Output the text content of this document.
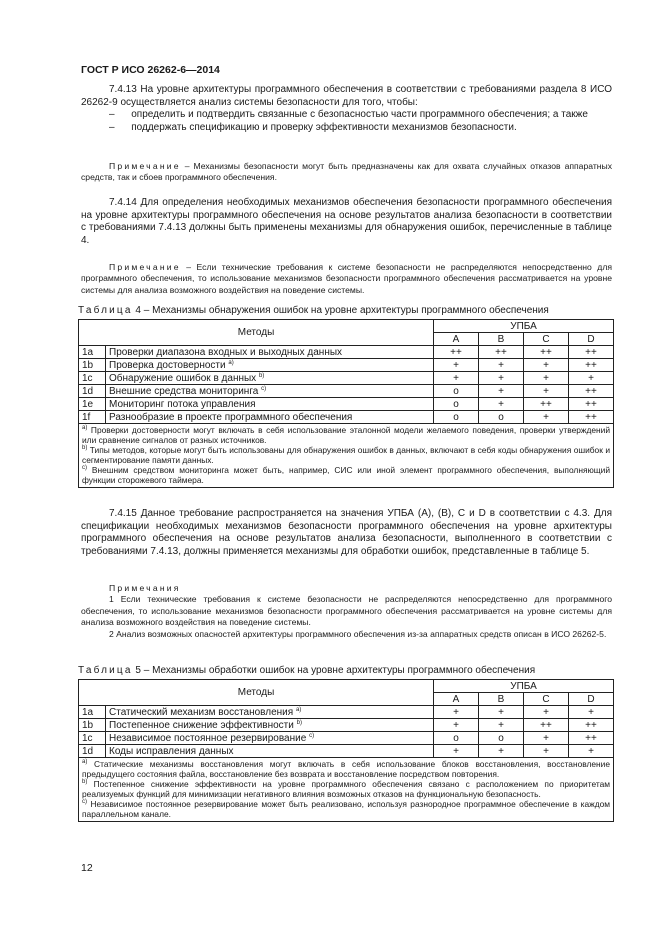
ГОСТ Р ИСО 26262-6—2014

7.4.13 На уровне архитектуры программного обеспечения в соответствии с требованиями раздела 8 ИСО 26262-9 осуществляется анализ системы безопасности для того, чтобы:

–      определить и подтвердить связанные с безопасностью части программного обеспечения; а также

–      поддержать спецификацию и проверку эффективности механизмов безопасности.

Примечание – Механизмы безопасности могут быть предназначены как для охвата случайных отказов аппаратных средств, так и сбоев программного обеспечения.

7.4.14 Для определения необходимых механизмов обеспечения безопасности программного обеспечения на уровне архитектуры программного обеспечения на основе результатов анализа безопасности в соответствии с требованиями 7.4.13 должны быть применены механизмы для обнаружения ошибок, перечисленные в таблице 4.

Примечание – Если технические требования к системе безопасности не распределяются непосредственно для программного обеспечения, то использование механизмов безопасности программного обеспечения рассматривается на уровне системы для анализа возможного воздействия на поведение системы.

Таблица 4 – Механизмы обнаружения ошибок на уровне архитектуры программного обеспечения
Методы		УПБА			
		A	B	C	D
1a	Проверки диапазона входных и выходных данных	++	++	++	++
1b	Проверка достоверности $^{а)}$	+	+	+	++
1c	Обнаружение ошибок в данных $^{b)}$	+	+	+	+
1d	Внешние средства мониторинга $^{c)}$	o	+	+	++
1e	Мониторинг потока управления	o	+	++	++
1f	Разнообразие в проекте программного обеспечения	o	o	+	++

$^{а)}$ Проверки достоверности могут включать в себя использование эталонной модели желаемого поведения, проверки утверждений или сравнение сигналов от разных источников.
$^{b)}$ Типы методов, которые могут быть использованы для обнаружения ошибок в данных, включают в себя коды обнаружения ошибок и сегментирование памяти данных.
$^{c)}$ Внешним средством мониторинга может быть, например, СИС или иной элемент программного обеспечения, выполняющий функции сторожевого таймера.					

7.4.15 Данное требование распространяется на значения УПБА (А), (В), С и D в соответствии с 4.3. Для спецификации необходимых механизмов безопасности программного обеспечения на уровне архитектуры программного обеспечения на основе результатов анализа безопасности, выполненного в соответствии с требованиями 7.4.13, должны применяется механизмы для обработки ошибок, представленные в таблице 5.

Примечания

1 Если технические требования к системе безопасности не распределяются непосредственно для программного обеспечения, то использование механизмов безопасности программного обеспечения рассматривается на уровне системы для анализа возможного воздействия на поведение системы.

2 Анализ возможных опасностей архитектуры программного обеспечения из-за аппаратных средств описан в ИСО 26262-5.

Таблица 5 – Механизмы обработки ошибок на уровне архитектуры программного обеспечения
Методы		УПБА			
		A	B	C	D
1a	Статический механизм восстановления $^{а)}$	+	+	+	+
1b	Постепенное снижение эффективности $^{b)}$	+	+	++	++
1c	Независимое постоянное резервирование $^{c)}$	o	o	+	++
1d	Коды исправления данных	+	+	+	+

$^{а)}$ Статические механизмы восстановления могут включать в себя использование блоков восстановления, восстановление предыдущего состояния файла, восстановление без возврата и восстановление посредством повторения.
$^{b)}$ Постепенное снижение эффективности на уровне программного обеспечения связано с расположением по приоритетам реализуемых функций для минимизации негативного влияния возможных отказов на функциональную безопасность.
$^{c)}$ Независимое постоянное резервирование может быть реализовано, используя разнородное программное обеспечение в каждом параллельном канале.					
12
